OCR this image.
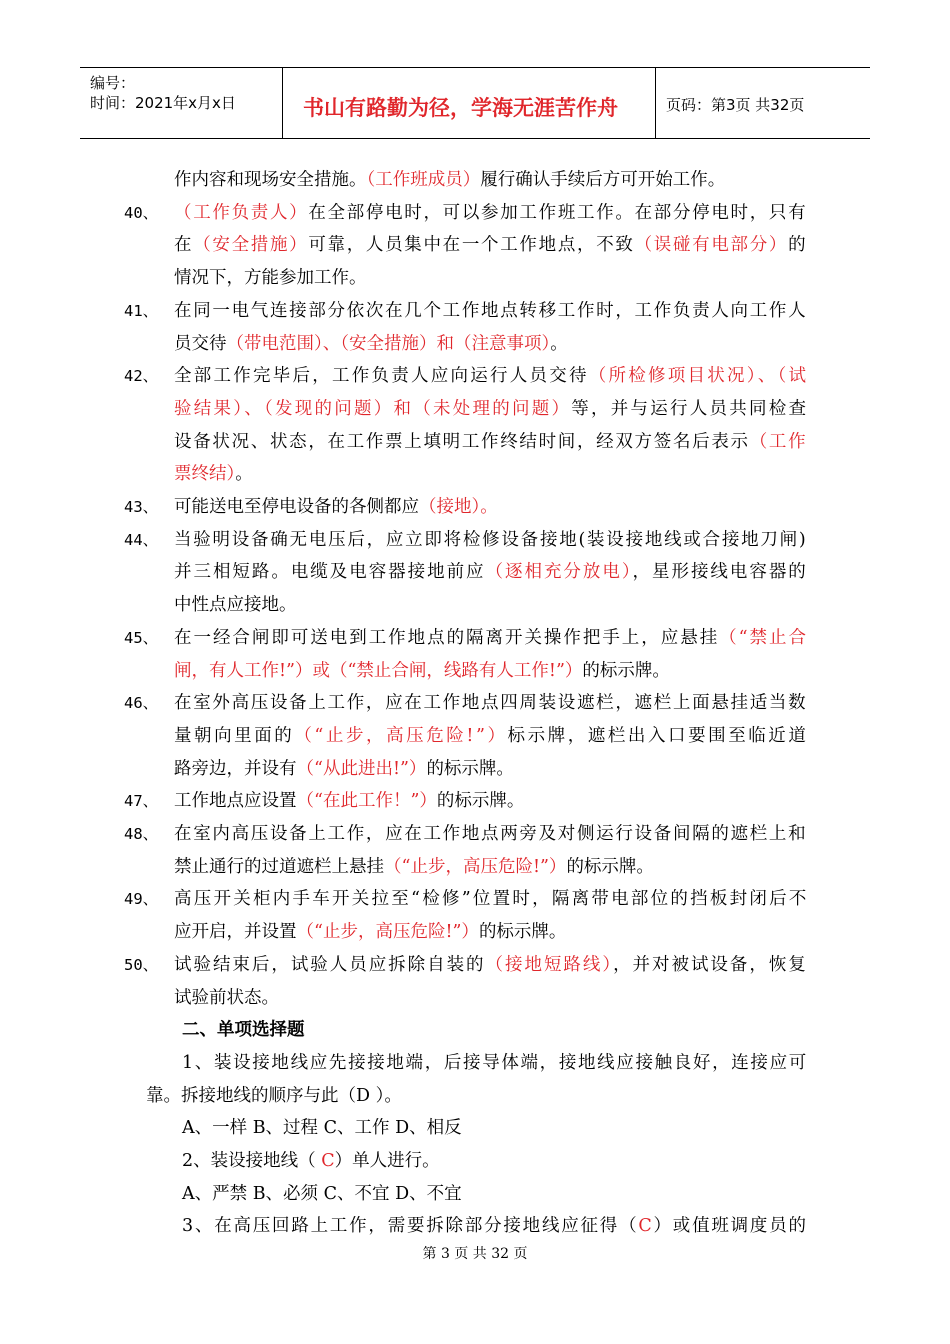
编号：
时间：2021年x月x日	书山有路勤为径，学海无涯苦作舟	页码：第3页 共32页
作内容和现场安全措施。（工作班成员）履行确认手续后方可开始工作。
40、 （工作负责人）在全部停电时，可以参加工作班工作。在部分停电时，只有
在（安全措施）可靠，人员集中在一个工作地点，不致（误碰有电部分）的
情况下，方能参加工作。
41、 在同一电气连接部分依次在几个工作地点转移工作时，工作负责人向工作人
员交待（带电范围）、（安全措施）和（注意事项）。
42、 全部工作完毕后，工作负责人应向运行人员交待（所检修项目状况）、（试
验结果）、（发现的问题）和（未处理的问题）等，并与运行人员共同检查
设备状况、状态，在工作票上填明工作终结时间，经双方签名后表示（工作
票终结）。
43、 可能送电至停电设备的各侧都应（接地）。
44、 当验明设备确无电压后，应立即将检修设备接地(装设接地线或合接地刀闸)
并三相短路。电缆及电容器接地前应（逐相充分放电），星形接线电容器的
中性点应接地。
45、 在一经合闸即可送电到工作地点的隔离开关操作把手上，应悬挂（“禁止合
闸，有人工作!”）或（“禁止合闸，线路有人工作!”）的标示牌。
46、 在室外高压设备上工作，应在工作地点四周装设遮栏，遮栏上面悬挂适当数
量朝向里面的（“止步，高压危险!”）标示牌，遮栏出入口要围至临近道
路旁边，并设有（“从此进出!”）的标示牌。
47、 工作地点应设置（“在此工作！”）的标示牌。
48、 在室内高压设备上工作，应在工作地点两旁及对侧运行设备间隔的遮栏上和
禁止通行的过道遮栏上悬挂（“止步，高压危险!”）的标示牌。
49、 高压开关柜内手车开关拉至“检修”位置时，隔离带电部位的挡板封闭后不
应开启，并设置（“止步，高压危险!”）的标示牌。
50、 试验结束后，试验人员应拆除自装的（接地短路线），并对被试设备，恢复
试验前状态。
二、单项选择题
1、装设接地线应先接接地端，后接导体端，接地线应接触良好，连接应可
靠。拆接地线的顺序与此（D ）。
A、一样 B、过程 C、工作 D、相反
2、装设接地线（ C）单人进行。
A、严禁 B、必须 C、不宜 D、不宜
3、在高压回路上工作，需要拆除部分接地线应征得（C）或值班调度员的
第 3 页 共 32 页
